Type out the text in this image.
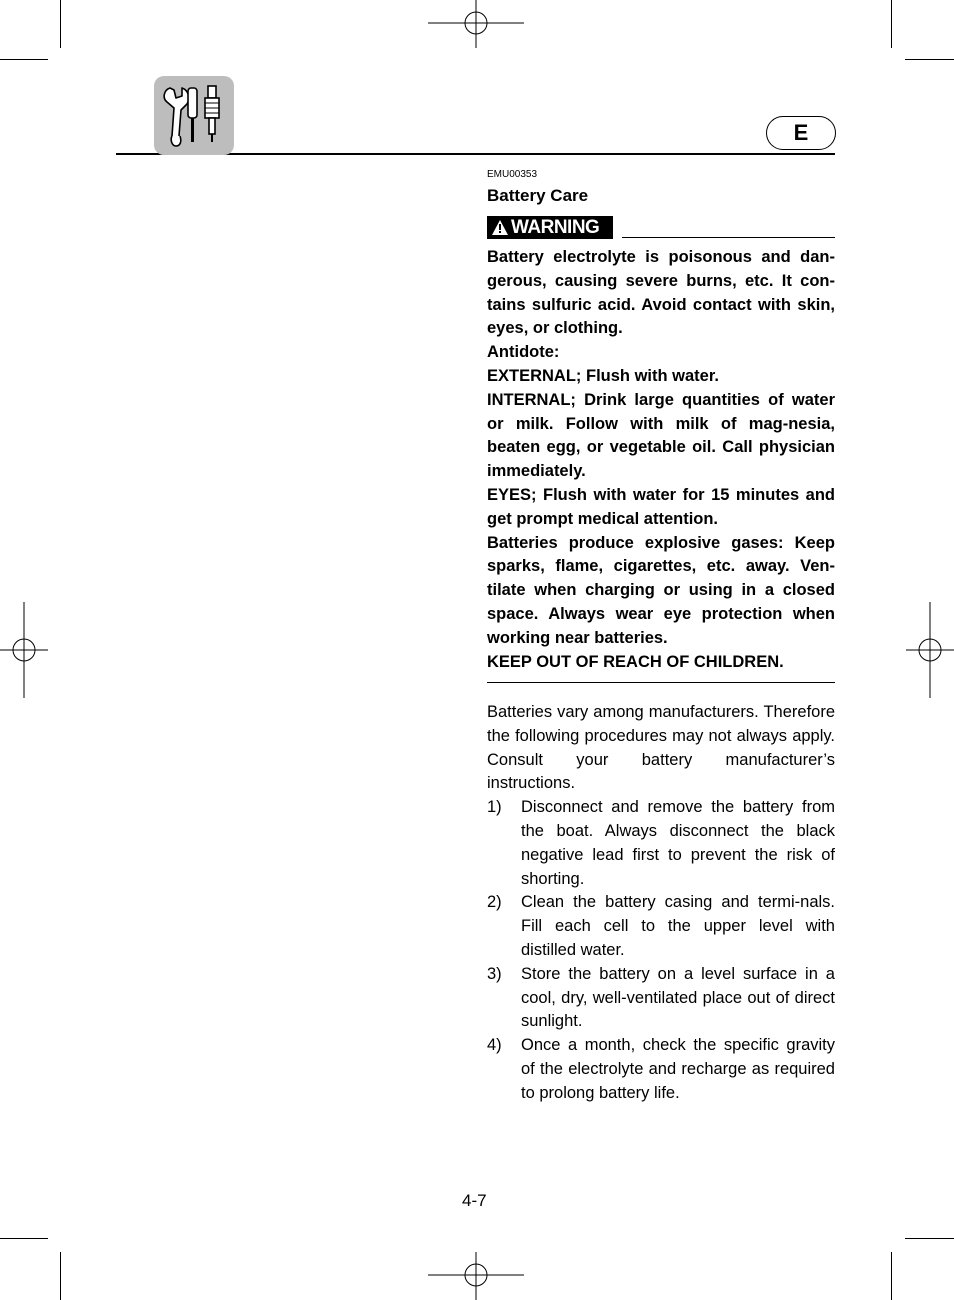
E
EMU00353
Battery Care
WARNING

Battery electrolyte is poisonous and dan-gerous, causing severe burns, etc. It con-tains sulfuric acid. Avoid contact with skin, eyes, or clothing.

Antidote:

EXTERNAL; Flush with water.

INTERNAL; Drink large quantities of water or milk. Follow with milk of mag-nesia, beaten egg, or vegetable oil. Call physician immediately.

EYES; Flush with water for 15 minutes and get prompt medical attention.

Batteries produce explosive gases: Keep sparks, flame, cigarettes, etc. away. Ven-tilate when charging or using in a closed space. Always wear eye protection when working near batteries.

KEEP OUT OF REACH OF CHILDREN.

Batteries vary among manufacturers. Therefore the following procedures may not always apply. Consult your battery manufacturer’s instructions.

1) Disconnect and remove the battery from the boat. Always disconnect the black negative lead first to prevent the risk of shorting.
2) Clean the battery casing and termi-nals. Fill each cell to the upper level with distilled water.
3) Store the battery on a level surface in a cool, dry, well-ventilated place out of direct sunlight.
4) Once a month, check the specific gravity of the electrolyte and recharge as required to prolong battery life.
4-7
